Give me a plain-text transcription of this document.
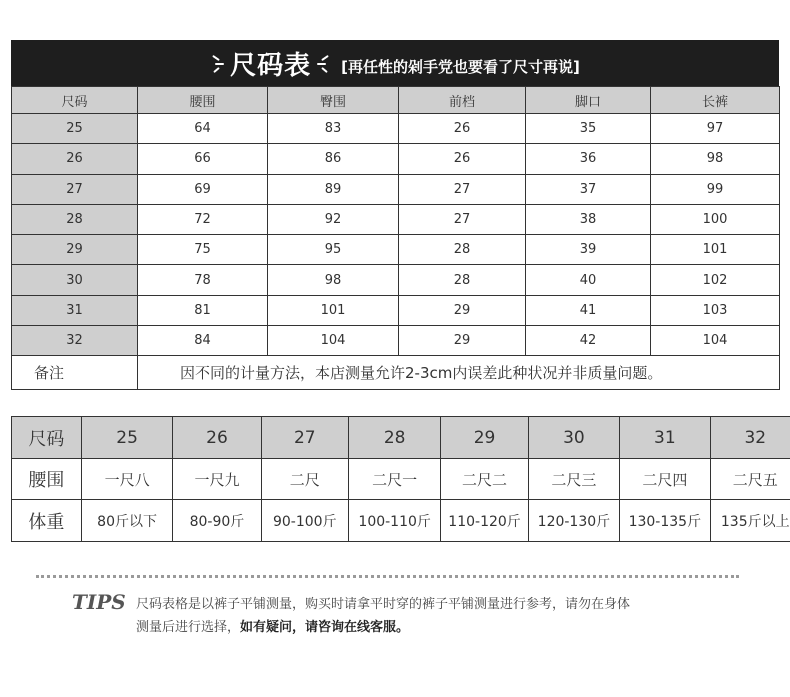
尺码表 [再任性的剁手党也要看了尺寸再说]
尺码	腰围	臀围	前档	脚口	长裤
25	64	83	26	35	97
26	66	86	26	36	98
27	69	89	27	37	99
28	72	92	27	38	100
29	75	95	28	39	101
30	78	98	28	40	102
31	81	101	29	41	103
32	84	104	29	42	104
备注	因不同的计量方法，本店测量允许2-3cm内误差此种状况并非质量问题。				
尺码	25	26	27	28	29	30	31	32
腰围	一尺八	一尺九	二尺	二尺一	二尺二	二尺三	二尺四	二尺五
体重	80斤以下	80-90斤	90-100斤	100-110斤	110-120斤	120-130斤	130-135斤	135斤以上
TIPS 尺码表格是以裤子平铺测量，购买时请拿平时穿的裤子平铺测量进行参考，请勿在身体
测量后进行选择，如有疑问，请咨询在线客服。
